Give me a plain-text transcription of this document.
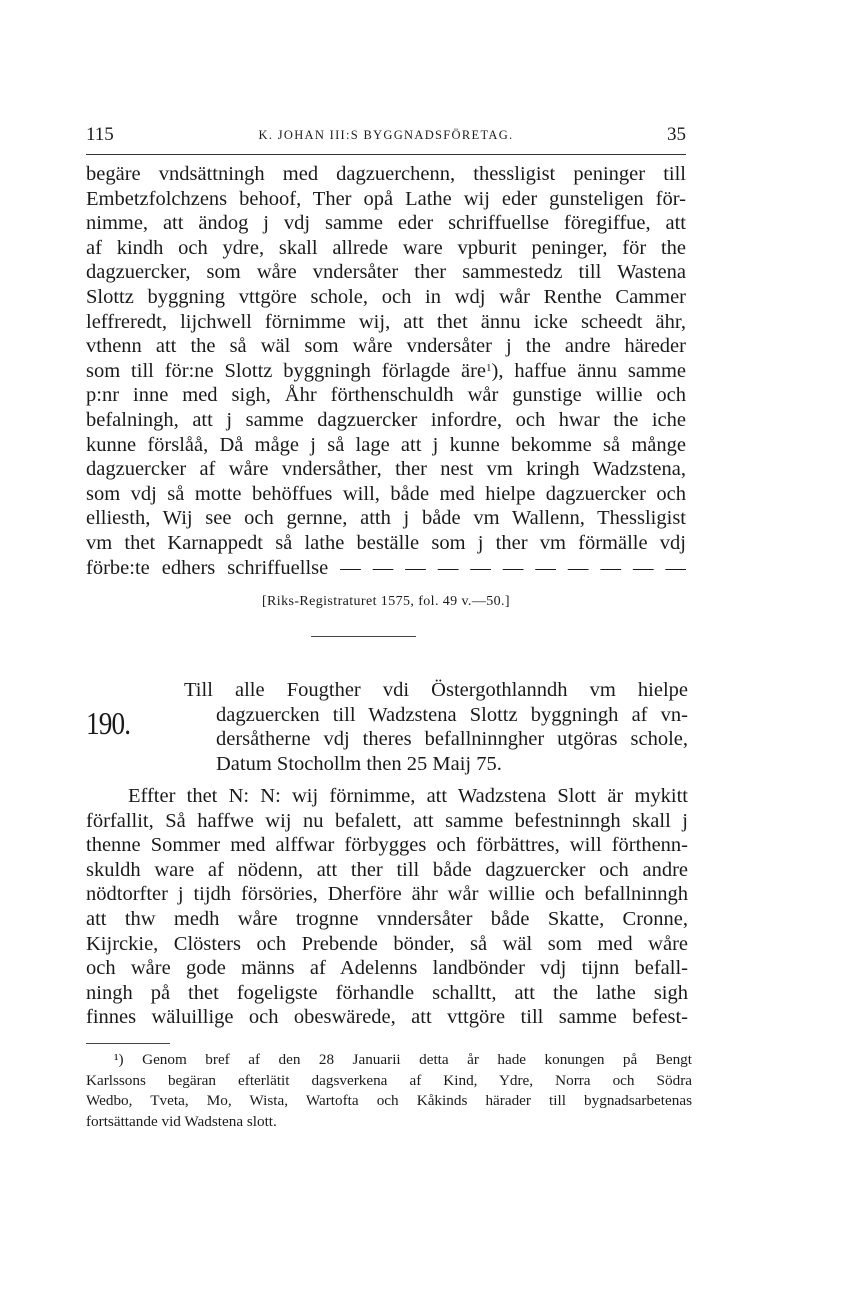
115	K. JOHAN III:S BYGGNADSFÖRETAG.	35
begäre vndsättningh med dagzuerchenn, thessligist peninger till
Embetzfolchzens behoof, Ther opå Lathe wij eder gunsteligen för-
nimme, att ändog j vdj samme eder schriffuellse föregiffue, att
af kindh och ydre, skall allrede ware vpburit peninger, för the
dagzuercker, som wåre vndersåter ther sammestedz till Wastena
Slottz byggning vttgöre schole, och in wdj wår Renthe Cammer
leffreredt, lijchwell förnimme wij, att thet ännu icke scheedt ähr,
vthenn att the så wäl som wåre vndersåter j the andre häreder
som till för:ne Slottz byggningh förlagde äre$^1$), haffue ännu samme
p:nr inne med sigh, Åhr förthenschuldh wår gunstige willie och
befalningh, att j samme dagzuercker infordre, och hwar the iche
kunne förslåå, Då måge j så lage att j kunne bekomme så månge
dagzuercker af wåre vndersåther, ther nest vm kringh Wadzstena,
som vdj så motte behöffues will, både med hielpe dagzuercker och
elliesth, Wij see och gernne, atth j både vm Wallenn, Thessligist
vm thet Karnappedt så lathe beställe som j ther vm förmälle vdj
förbe:te edhers schriffuellse — — — — — — — — — — —
[Riks-Registraturet 1575, fol. 49 v.—50.]
190.
Till alle Fougther vdi Östergothlanndh vm hielpe
dagzuercken till Wadzstena Slottz byggningh af vn-
dersåtherne vdj theres befallninngher utgöras schole,
Datum Stochollm then 25 Maij 75.
Effter thet N: N: wij förnimme, att Wadzstena Slott är mykitt
förfallit, Så haffwe wij nu befalett, att samme befestninngh skall j
thenne Sommer med alffwar förbygges och förbättres, will förthenn-
skuldh ware af nödenn, att ther till både dagzuercker och andre
nödtorfter j tijdh försöries, Dherföre ähr wår willie och befallninngh
att thw medh wåre trognne vnndersåter både Skatte, Cronne,
Kijrckie, Clösters och Prebende bönder, så wäl som med wåre
och wåre gode männs af Adelenns landbönder vdj tijnn befall-
ningh på thet fogeligste förhandle schalltt, att the lathe sigh
finnes wäluillige och obeswärede, att vttgöre till samme befest-
¹) Genom bref af den 28 Januarii detta år hade konungen på Bengt
Karlssons begäran efterlätit dagsverkena af Kind, Ydre, Norra och Södra
Wedbo, Tveta, Mo, Wista, Wartofta och Kåkinds härader till bygnadsarbetenas
fortsättande vid Wadstena slott.
